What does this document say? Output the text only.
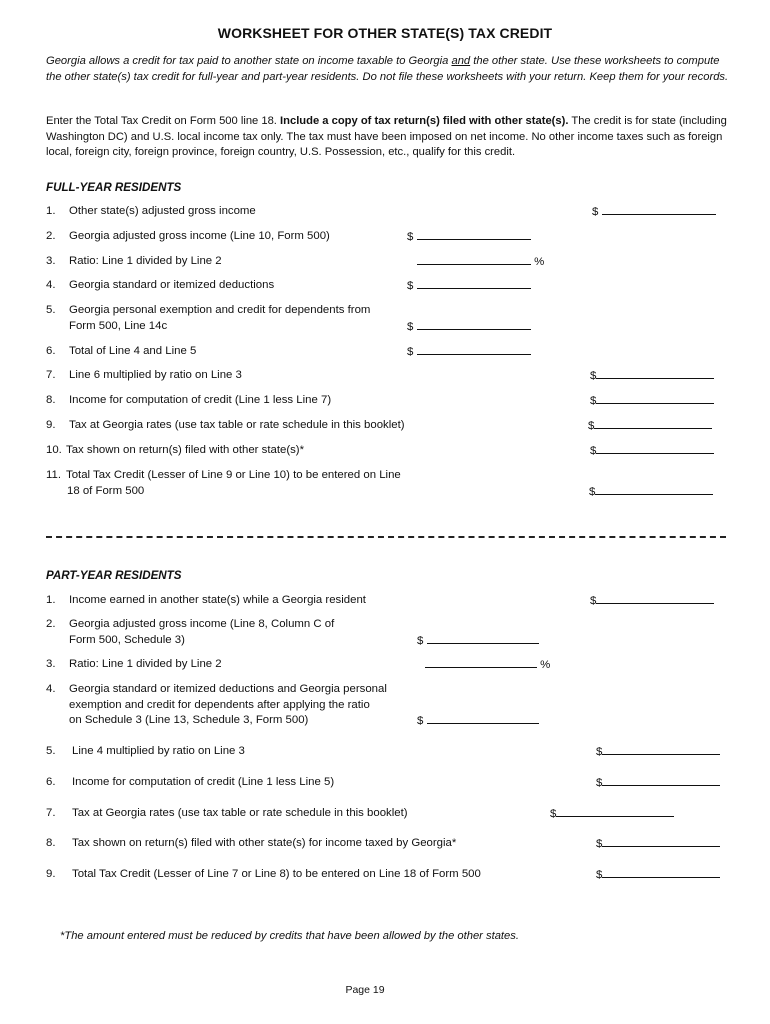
WORKSHEET FOR OTHER STATE(S) TAX CREDIT
Georgia allows a credit for tax paid to another state on income taxable to Georgia and the other state. Use these worksheets to compute the other state(s) tax credit for full-year and part-year residents. Do not file these worksheets with your return. Keep them for your records.
Enter the Total Tax Credit on Form 500 line 18. Include a copy of tax return(s) filed with other state(s). The credit is for state (including Washington DC) and U.S. local income tax only. The tax must have been imposed on net income. No other income taxes such as foreign local, foreign city, foreign province, foreign country, U.S. Possession, etc., qualify for this credit.
FULL-YEAR RESIDENTS
1. Other state(s) adjusted gross income	$
2. Georgia adjusted gross income (Line 10, Form 500)	$
3. Ratio: Line 1 divided by Line 2	%
4. Georgia standard or itemized deductions	$
5. Georgia personal exemption and credit for dependents from
Form 500, Line 14c	$
6. Total of Line 4 and Line 5	$
7. Line 6 multiplied by ratio on Line 3	$
8. Income for computation of credit (Line 1 less Line 7)	$
9. Tax at Georgia rates (use tax table or rate schedule in this booklet)	$
10. Tax shown on return(s) filed with other state(s)*	$
11. Total Tax Credit (Lesser of Line 9 or Line 10) to be entered on Line
18 of Form 500	$
PART-YEAR RESIDENTS
1. Income earned in another state(s) while a Georgia resident	$
2. Georgia adjusted gross income (Line 8, Column C of
Form 500, Schedule 3)	$
3. Ratio: Line 1 divided by Line 2	%
4. Georgia standard or itemized deductions and Georgia personal
exemption and credit for dependents after applying the ratio
on Schedule 3 (Line 13, Schedule 3, Form 500)	$
5. Line 4 multiplied by ratio on Line 3	$
6. Income for computation of credit (Line 1 less Line 5)	$
7. Tax at Georgia rates (use tax table or rate schedule in this booklet)	$
8. Tax shown on return(s) filed with other state(s) for income taxed by Georgia*	$
9. Total Tax Credit (Lesser of Line 7 or Line 8) to be entered on Line 18 of Form 500	$
*The amount entered must be reduced by credits that have been allowed by the other states.
Page 19
